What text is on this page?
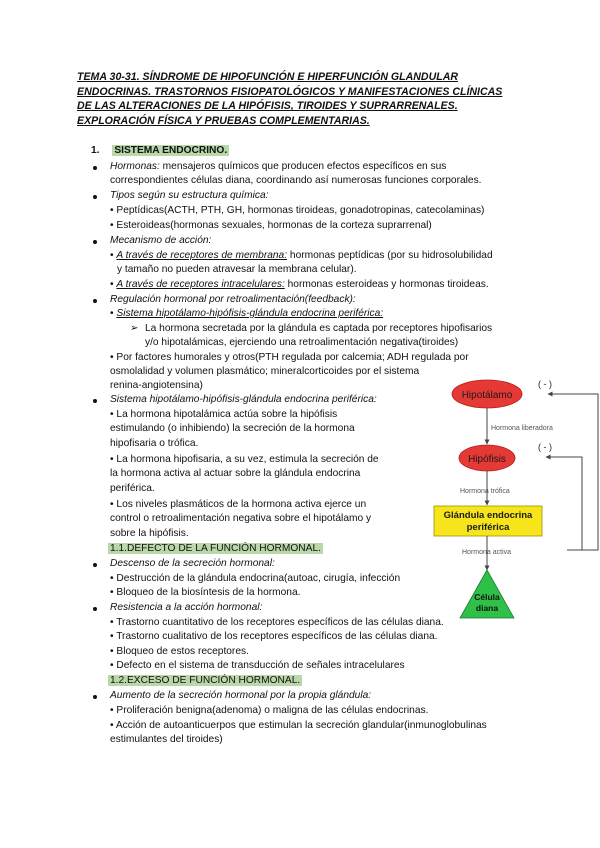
TEMA 30-31. SÍNDROME DE HIPOFUNCIÓN E HIPERFUNCIÓN GLANDULAR
ENDOCRINAS. TRASTORNOS FISIOPATOLÓGICOS Y MANIFESTACIONES CLÍNICAS
DE LAS ALTERACIONES DE LA HIPÓFISIS, TIROIDES Y SUPRARRENALES.
EXPLORACIÓN FÍSICA Y PRUEBAS COMPLEMENTARIAS.
1. SISTEMA ENDOCRINO.
Hormonas: mensajeros químicos que producen efectos específicos en sus
correspondientes células diana, coordinando así numerosas funciones corporales.
Tipos según su estructura química:
• Peptídicas(ACTH, PTH, GH, hormonas tiroideas, gonadotropinas, catecolaminas)
• Esteroideas(hormonas sexuales, hormonas de la corteza suprarrenal)
Mecanismo de acción:
• A través de receptores de membrana: hormonas peptídicas (por su hidrosolubilidad
y tamaño no pueden atravesar la membrana celular).
• A través de receptores intracelulares: hormonas esteroideas y hormonas tiroideas.
Regulación hormonal por retroalimentación(feedback):
• Sistema hipotálamo-hipófisis-glándula endocrina periférica:
➢ La hormona secretada por la glándula es captada por receptores hipofisarios
y/o hipotalámicas, ejerciendo una retroalimentación negativa(tiroides)
• Por factores humorales y otros(PTH regulada por calcemia; ADH regulada por
osmolalidad y volumen plasmático; mineralcorticoides por el sistema
renina-angiotensina)
Sistema hipotálamo-hipófisis-glándula endocrina periférica:
• La hormona hipotalámica actúa sobre la hipófisis
estimulando (o inhibiendo) la secreción de la hormona
hipofisaria o trófica.
• La hormona hipofisaria, a su vez, estimula la secreción de
la hormona activa al actuar sobre la glándula endocrina
periférica.
• Los niveles plasmáticos de la hormona activa ejerce un
control o retroalimentación negativa sobre el hipotálamo y
sobre la hipófisis.
1.1.DEFECTO DE LA FUNCIÓN HORMONAL.
Descenso de la secreción hormonal:
• Destrucción de la glándula endocrina(autoac, cirugía, infección
• Bloqueo de la biosíntesis de la hormona.
Resistencia a la acción hormonal:
• Trastorno cuantitativo de los receptores específicos de las células diana.
• Trastorno cualitativo de los receptores específicos de las células diana.
• Bloqueo de estos receptores.
• Defecto en el sistema de transducción de señales intracelulares
1.2.EXCESO DE FUNCIÓN HORMONAL.
Aumento de la secreción hormonal por la propia glándula:
• Proliferación benigna(adenoma) o maligna de las células endocrinas.
• Acción de autoanticuerpos que estimulan la secreción glandular(inmunoglobulinas
estimulantes del tiroides)
( - )
( - )
Hipotálamo
Hormona liberadora
Hipófisis
Hormona trófica
Glándula endocrina
periférica
Hormona activa
Célula
diana
